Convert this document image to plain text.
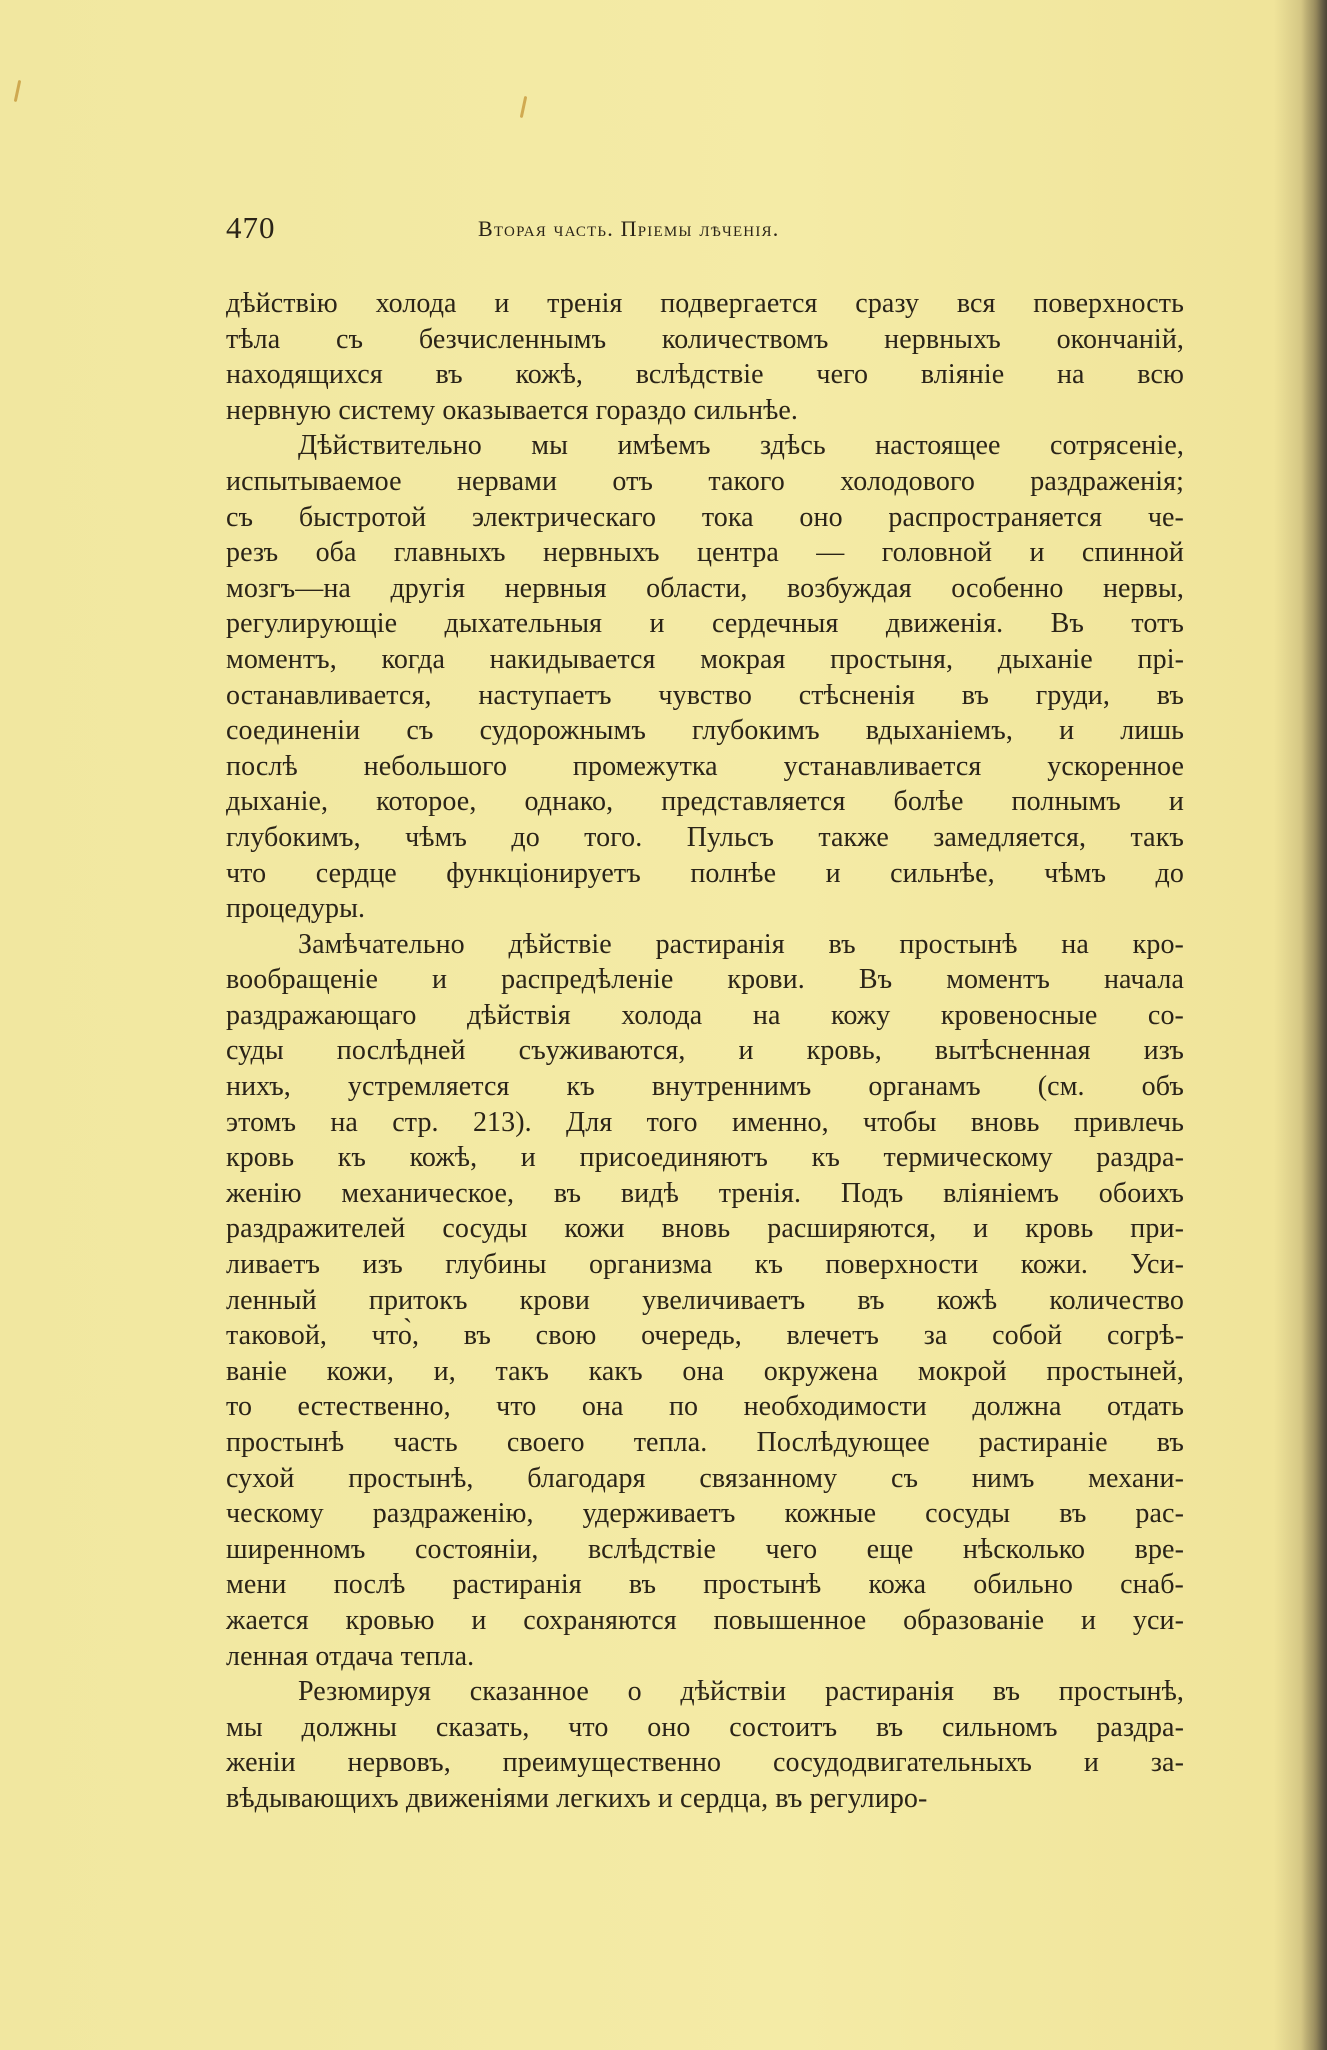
470	Вторая часть. Пріемы лѣченія.
дѣйствію холода и тренія подвергается сразу вся поверхность
тѣла съ безчисленнымъ количествомъ нервныхъ окончаній,
находящихся въ кожѣ, вслѣдствіе чего вліяніе на всю
нервную систему оказывается гораздо сильнѣе.
Дѣйствительно мы имѣемъ здѣсь настоящее сотрясеніе,
испытываемое нервами отъ такого холодового раздраженія;
съ быстротой электрическаго тока оно распространяется че-
резъ оба главныхъ нервныхъ центра — головной и спинной
мозгъ—на другія нервныя области, возбуждая особенно нервы,
регулирующіе дыхательныя и сердечныя движенія. Въ тотъ
моментъ, когда накидывается мокрая простыня, дыханіе прі-
останавливается, наступаетъ чувство стѣсненія въ груди, въ
соединеніи съ судорожнымъ глубокимъ вдыханіемъ, и лишь
послѣ небольшого промежутка устанавливается ускоренное
дыханіе, которое, однако, представляется болѣе полнымъ и
глубокимъ, чѣмъ до того. Пульсъ также замедляется, такъ
что сердце функціонируетъ полнѣе и сильнѣе, чѣмъ до
процедуры.
Замѣчательно дѣйствіе растиранія въ простынѣ на кро-
вообращеніе и распредѣленіе крови. Въ моментъ начала
раздражающаго дѣйствія холода на кожу кровеносные со-
суды послѣдней съуживаются, и кровь, вытѣсненная изъ
нихъ, устремляется къ внутреннимъ органамъ (см. объ
этомъ на стр. 213). Для того именно, чтобы вновь привлечь
кровь къ кожѣ, и присоединяютъ къ термическому раздра-
женію механическое, въ видѣ тренія. Подъ вліяніемъ обоихъ
раздражителей сосуды кожи вновь расширяются, и кровь при-
ливаетъ изъ глубины организма къ поверхности кожи. Уси-
ленный притокъ крови увеличиваетъ въ кожѣ количество
таковой, что̀, въ свою очередь, влечетъ за собой согрѣ-
ваніе кожи, и, такъ какъ она окружена мокрой простыней,
то естественно, что она по необходимости должна отдать
простынѣ часть своего тепла. Послѣдующее растираніе въ
сухой простынѣ, благодаря связанному съ нимъ механи-
ческому раздраженію, удерживаетъ кожные сосуды въ рас-
ширенномъ состояніи, вслѣдствіе чего еще нѣсколько вре-
мени послѣ растиранія въ простынѣ кожа обильно снаб-
жается кровью и сохраняются повышенное образованіе и уси-
ленная отдача тепла.
Резюмируя сказанное о дѣйствіи растиранія въ простынѣ,
мы должны сказать, что оно состоитъ въ сильномъ раздра-
женіи нервовъ, преимущественно сосудодвигательныхъ и за-
вѣдывающихъ движеніями легкихъ и сердца, въ регулиро-
